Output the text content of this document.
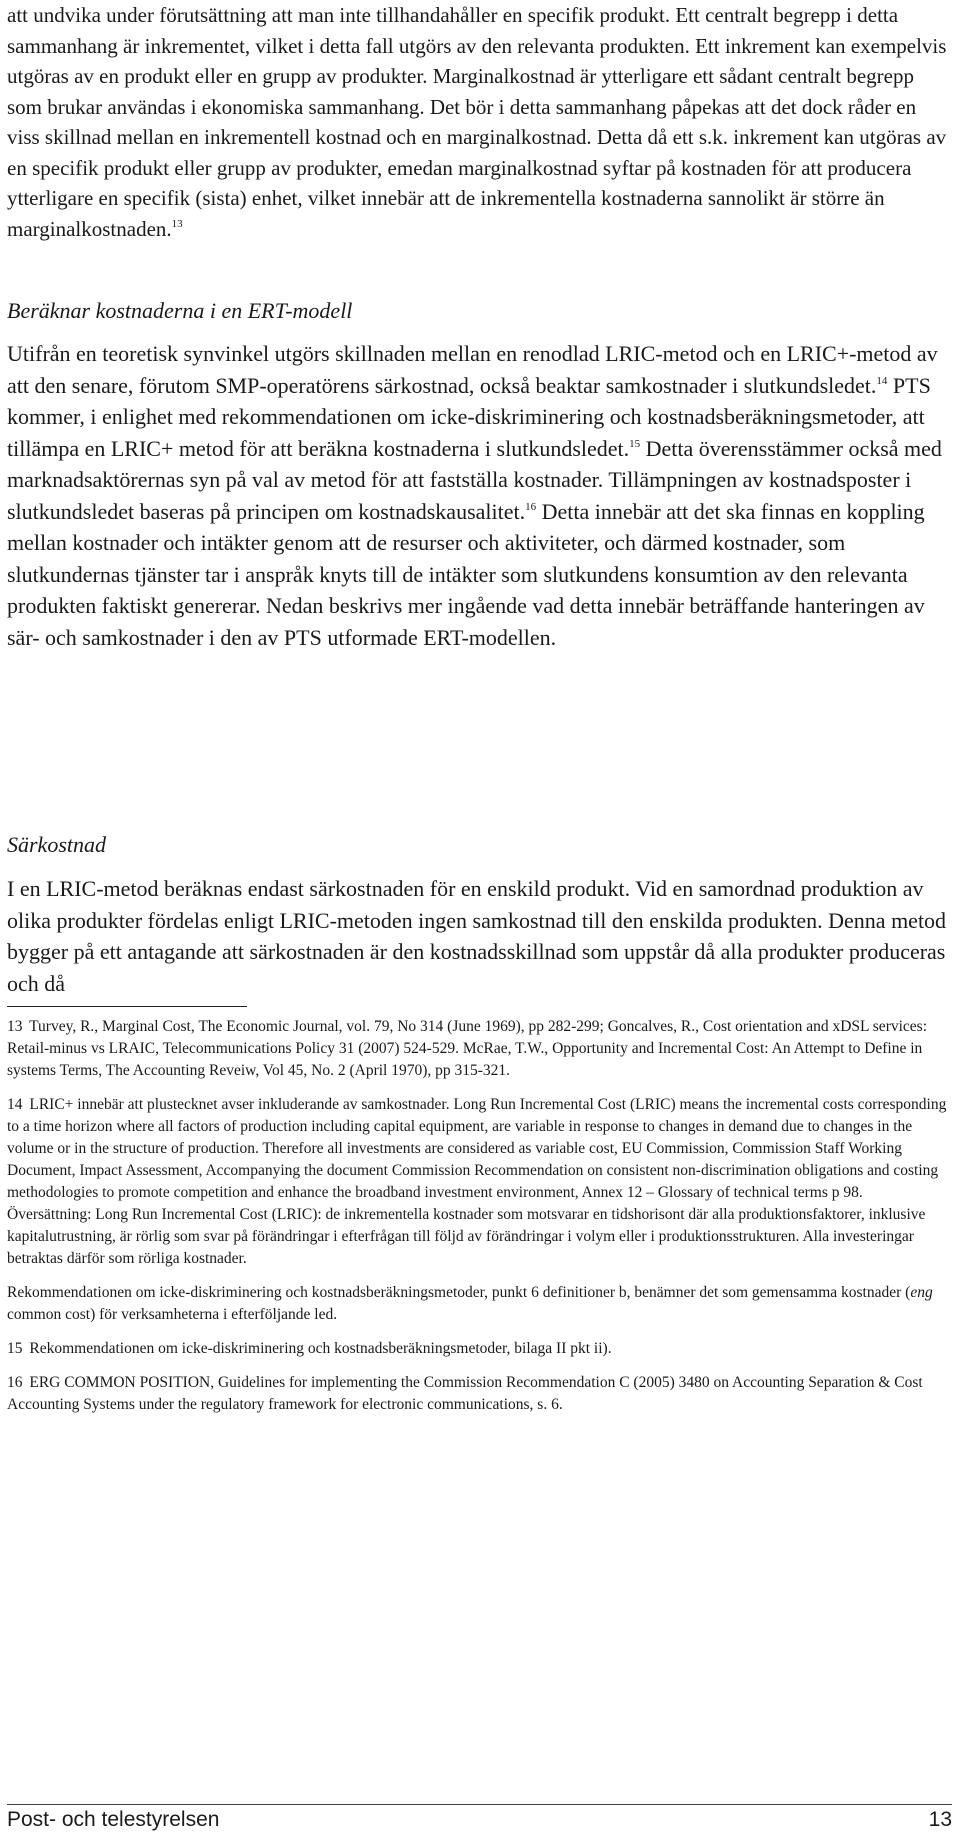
att undvika under förutsättning att man inte tillhandahåller en specifik produkt. Ett centralt begrepp i detta sammanhang är inkrementet, vilket i detta fall utgörs av den relevanta produkten. Ett inkrement kan exempelvis utgöras av en produkt eller en grupp av produkter. Marginalkostnad är ytterligare ett sådant centralt begrepp som brukar användas i ekonomiska sammanhang. Det bör i detta sammanhang påpekas att det dock råder en viss skillnad mellan en inkrementell kostnad och en marginalkostnad. Detta då ett s.k. inkrement kan utgöras av en specifik produkt eller grupp av produkter, emedan marginalkostnad syftar på kostnaden för att producera ytterligare en specifik (sista) enhet, vilket innebär att de inkrementella kostnaderna sannolikt är större än marginalkostnaden.$^{13}$

Beräknar kostnaderna i en ERT-modell

Utifrån en teoretisk synvinkel utgörs skillnaden mellan en renodlad LRIC-metod och en LRIC+-metod av att den senare, förutom SMP-operatörens särkostnad, också beaktar samkostnader i slutkundsledet.$^{14}$ PTS kommer, i enlighet med rekommendationen om icke-diskriminering och kostnadsberäkningsmetoder, att tillämpa en LRIC+ metod för att beräkna kostnaderna i slutkundsledet.$^{15}$ Detta överensstämmer också med marknadsaktörernas syn på val av metod för att fastställa kostnader. Tillämpningen av kostnadsposter i slutkundsledet baseras på principen om kostnadskausalitet.$^{16}$ Detta innebär att det ska finnas en koppling mellan kostnader och intäkter genom att de resurser och aktiviteter, och därmed kostnader, som slutkundernas tjänster tar i anspråk knyts till de intäkter som slutkundens konsumtion av den relevanta produkten faktiskt genererar. Nedan beskrivs mer ingående vad detta innebär beträffande hanteringen av sär- och samkostnader i den av PTS utformade ERT-modellen.

Särkostnad

I en LRIC-metod beräknas endast särkostnaden för en enskild produkt. Vid en samordnad produktion av olika produkter fördelas enligt LRIC-metoden ingen samkostnad till den enskilda produkten. Denna metod bygger på ett antagande att särkostnaden är den kostnadsskillnad som uppstår då alla produkter produceras och då

13 Turvey, R., Marginal Cost, The Economic Journal, vol. 79, No 314 (June 1969), pp 282-299; Goncalves, R., Cost orientation and xDSL services: Retail-minus vs LRAIC, Telecommunications Policy 31 (2007) 524-529. McRae, T.W., Opportunity and Incremental Cost: An Attempt to Define in systems Terms, The Accounting Reveiw, Vol 45, No. 2 (April 1970), pp 315-321.

14 LRIC+ innebär att plustecknet avser inkluderande av samkostnader. Long Run Incremental Cost (LRIC) means the incremental costs corresponding to a time horizon where all factors of production including capital equipment, are variable in response to changes in demand due to changes in the volume or in the structure of production. Therefore all investments are considered as variable cost, EU Commission, Commission Staff Working Document, Impact Assessment, Accompanying the document Commission Recommendation on consistent non-discrimination obligations and costing methodologies to promote competition and enhance the broadband investment environment, Annex 12 – Glossary of technical terms p 98. Översättning: Long Run Incremental Cost (LRIC): de inkrementella kostnader som motsvarar en tidshorisont där alla produktionsfaktorer, inklusive kapitalutrustning, är rörlig som svar på förändringar i efterfrågan till följd av förändringar i volym eller i produktionsstrukturen. Alla investeringar betraktas därför som rörliga kostnader.

Rekommendationen om icke-diskriminering och kostnadsberäkningsmetoder, punkt 6 definitioner b, benämner det som gemensamma kostnader (eng common cost) för verksamheterna i efterföljande led.

15 Rekommendationen om icke-diskriminering och kostnadsberäkningsmetoder, bilaga II pkt ii).

16 ERG COMMON POSITION, Guidelines for implementing the Commission Recommendation C (2005) 3480 on Accounting Separation & Cost Accounting Systems under the regulatory framework for electronic communications, s. 6.

Post- och telestyrelsen	13
